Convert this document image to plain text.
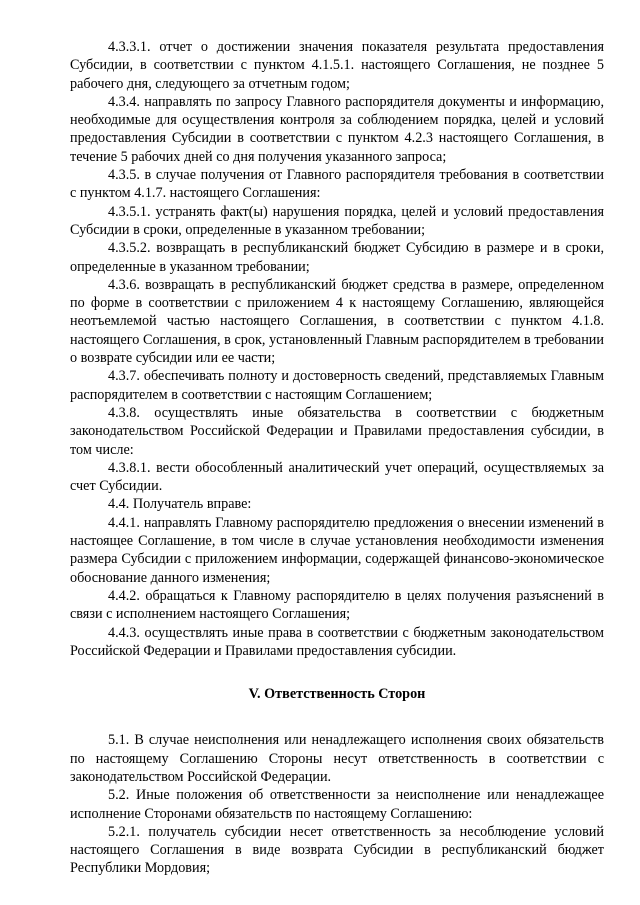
4.3.3.1. отчет о достижении значения показателя результата предоставления Субсидии, в соответствии с пунктом 4.1.5.1. настоящего Соглашения, не позднее 5 рабочего дня, следующего за отчетным годом;

4.3.4. направлять по запросу Главного распорядителя документы и информацию, необходимые для осуществления контроля за соблюдением порядка, целей и условий предоставления Субсидии в соответствии с пунктом 4.2.3 настоящего Соглашения, в течение 5 рабочих дней со дня получения указанного запроса;

4.3.5. в случае получения от Главного распорядителя требования в соответствии с пунктом 4.1.7. настоящего Соглашения:

4.3.5.1. устранять факт(ы) нарушения порядка, целей и условий предоставления Субсидии в сроки, определенные в указанном требовании;

4.3.5.2. возвращать в республиканский бюджет Субсидию в размере и в сроки, определенные в указанном требовании;

4.3.6. возвращать в республиканский бюджет средства в размере, определенном по форме в соответствии с приложением 4 к настоящему Соглашению, являющейся неотъемлемой частью настоящего Соглашения, в соответствии с пунктом 4.1.8. настоящего Соглашения, в срок, установленный Главным распорядителем в требовании о возврате субсидии или ее части;

4.3.7. обеспечивать полноту и достоверность сведений, представляемых Главным распорядителем в соответствии с настоящим Соглашением;

4.3.8. осуществлять иные обязательства в соответствии с бюджетным законодательством Российской Федерации и Правилами предоставления субсидии, в том числе:

4.3.8.1. вести обособленный аналитический учет операций, осуществляемых за счет Субсидии.

4.4. Получатель вправе:

4.4.1. направлять Главному распорядителю предложения о внесении изменений в настоящее Соглашение, в том числе в случае установления необходимости изменения размера Субсидии с приложением информации, содержащей финансово-экономическое обоснование данного изменения;

4.4.2. обращаться к Главному распорядителю в целях получения разъяснений в связи с исполнением настоящего Соглашения;

4.4.3. осуществлять иные права в соответствии с бюджетным законодательством Российской Федерации и Правилами предоставления субсидии.

V. Ответственность Сторон

5.1. В случае неисполнения или ненадлежащего исполнения своих обязательств по настоящему Соглашению Стороны несут ответственность в соответствии с законодательством Российской Федерации.

5.2. Иные положения об ответственности за неисполнение или ненадлежащее исполнение Сторонами обязательств по настоящему Соглашению:

5.2.1. получатель субсидии несет ответственность за несоблюдение условий настоящего Соглашения в виде возврата Субсидии в республиканский бюджет Республики Мордовия;
